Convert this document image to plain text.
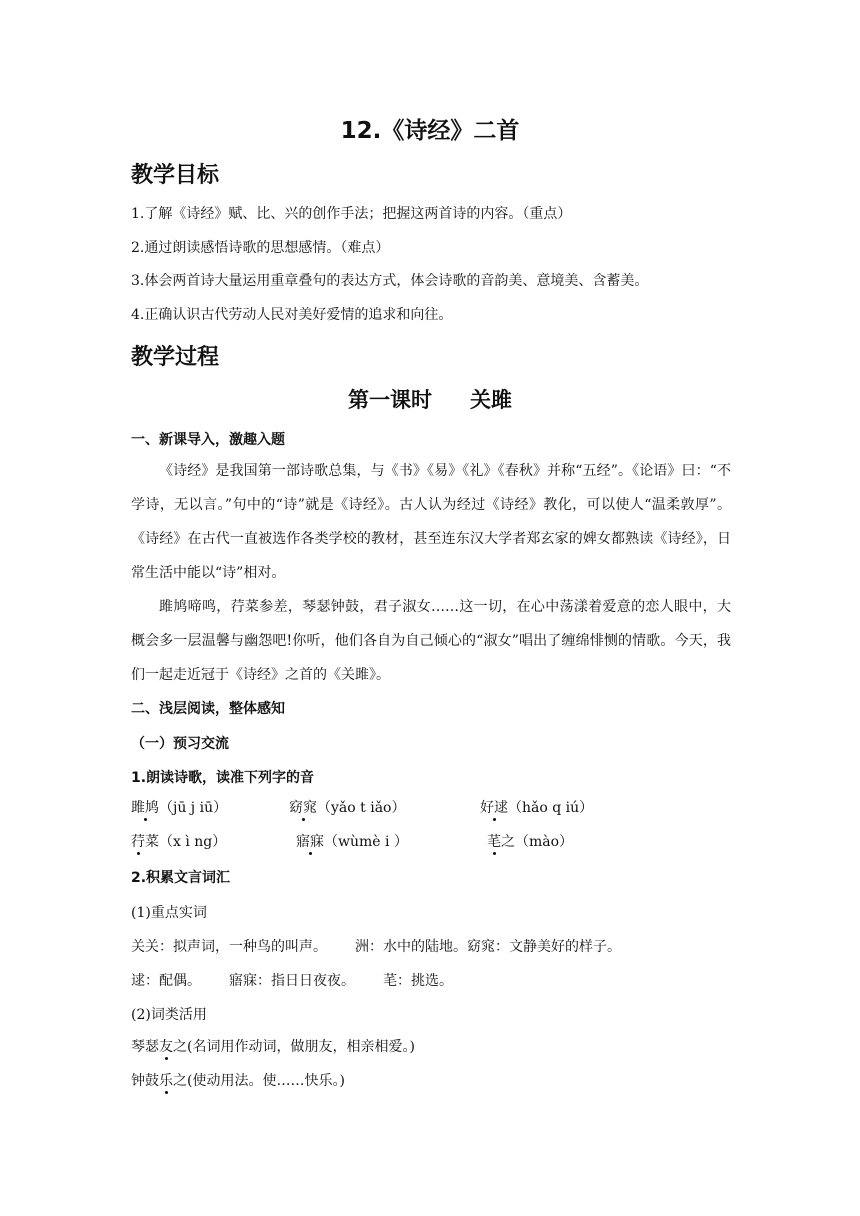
12.《诗经》二首
教学目标
1.了解《诗经》赋、比、兴的创作手法；把握这两首诗的内容。（重点）
2.通过朗读感悟诗歌的思想感情。（难点）
3.体会两首诗大量运用重章叠句的表达方式，体会诗歌的音韵美、意境美、含蓄美。
4.正确认识古代劳动人民对美好爱情的追求和向往。
教学过程
第一课时 关雎
一、新课导入，激趣入题
《诗经》是我国第一部诗歌总集，与《书》《易》《礼》《春秋》并称“五经”。《论语》曰：“不学诗，无以言。”句中的“诗”就是《诗经》。古人认为经过《诗经》教化，可以使人“温柔敦厚”。《诗经》在古代一直被选作各类学校的教材，甚至连东汉大学者郑玄家的婢女都熟读《诗经》，日常生活中能以“诗”相对。
雎鸠啼鸣，荇菜参差，琴瑟钟鼓，君子淑女……这一切，在心中荡漾着爱意的恋人眼中，大概会多一层温馨与幽怨吧!你听，他们各自为自己倾心的“淑女”唱出了缠绵悱恻的情歌。今天，我们一起走近冠于《诗经》之首的《关雎》。
二、浅层阅读，整体感知
（一）预习交流
1.朗读诗歌，读准下列字的音
雎鸠（jū j iū）	窈窕（yǎo t iǎo）	好逑（hǎo q iú）
荇菜（x ì ng）	寤寐（wùmè i ）	芼之（mào）
2.积累文言词汇
(1)重点实词
关关：拟声词，一种鸟的叫声。 洲：水中的陆地。窈窕：文静美好的样子。
逑：配偶。 寤寐：指日日夜夜。 芼：挑选。
(2)词类活用
琴瑟友之(名词用作动词，做朋友，相亲相爱。)
钟鼓乐之(使动用法。使……快乐。)
